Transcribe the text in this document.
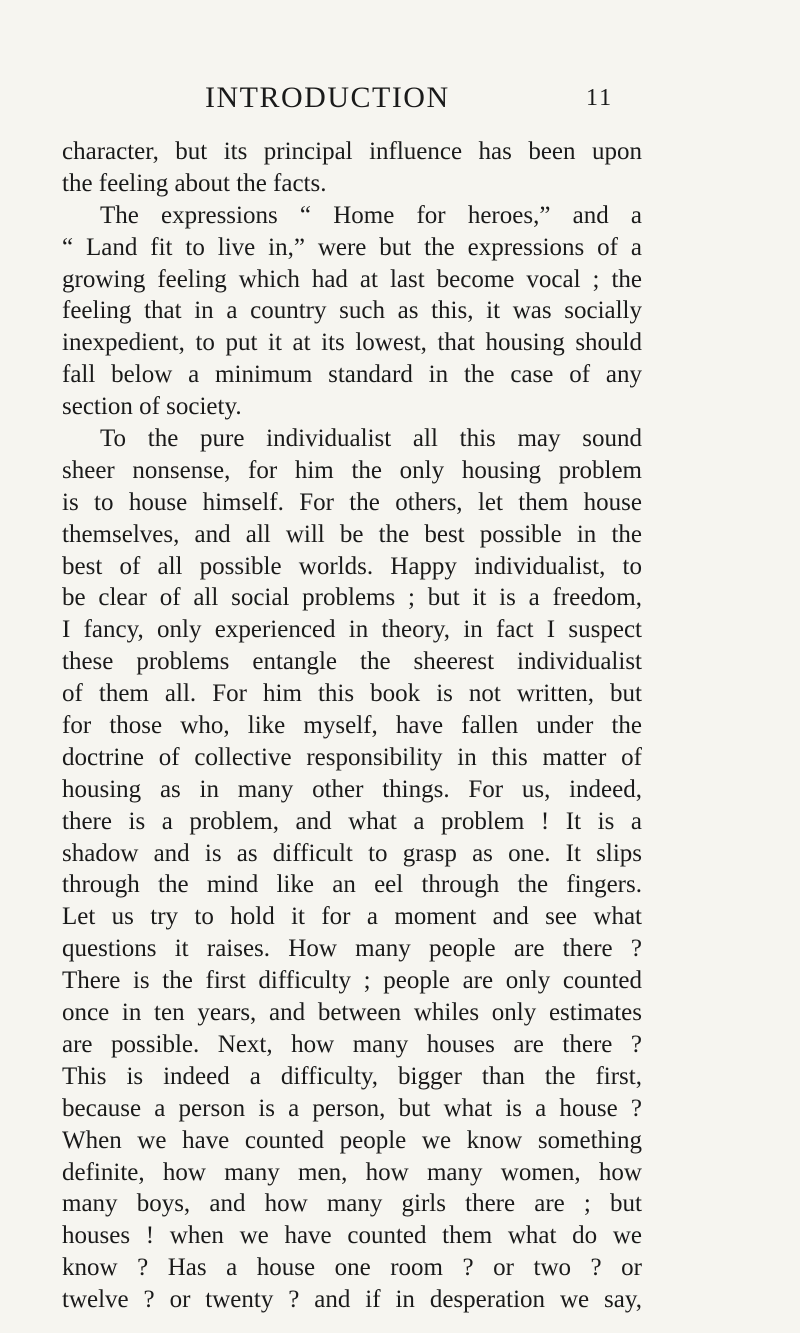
INTRODUCTION	11
character, but its principal influence has been upon
the feeling about the facts.
The expressions “ Home for heroes,” and a
“ Land fit to live in,” were but the expressions of a
growing feeling which had at last become vocal ; the
feeling that in a country such as this, it was socially
inexpedient, to put it at its lowest, that housing should
fall below a minimum standard in the case of any
section of society.
To the pure individualist all this may sound
sheer nonsense, for him the only housing problem
is to house himself. For the others, let them house
themselves, and all will be the best possible in the
best of all possible worlds. Happy individualist, to
be clear of all social problems ; but it is a freedom,
I fancy, only experienced in theory, in fact I suspect
these problems entangle the sheerest individualist
of them all. For him this book is not written, but
for those who, like myself, have fallen under the
doctrine of collective responsibility in this matter of
housing as in many other things. For us, indeed,
there is a problem, and what a problem ! It is a
shadow and is as difficult to grasp as one. It slips
through the mind like an eel through the fingers.
Let us try to hold it for a moment and see what
questions it raises. How many people are there ?
There is the first difficulty ; people are only counted
once in ten years, and between whiles only estimates
are possible. Next, how many houses are there ?
This is indeed a difficulty, bigger than the first,
because a person is a person, but what is a house ?
When we have counted people we know something
definite, how many men, how many women, how
many boys, and how many girls there are ; but
houses ! when we have counted them what do we
know ? Has a house one room ? or two ? or
twelve ? or twenty ? and if in desperation we say,
